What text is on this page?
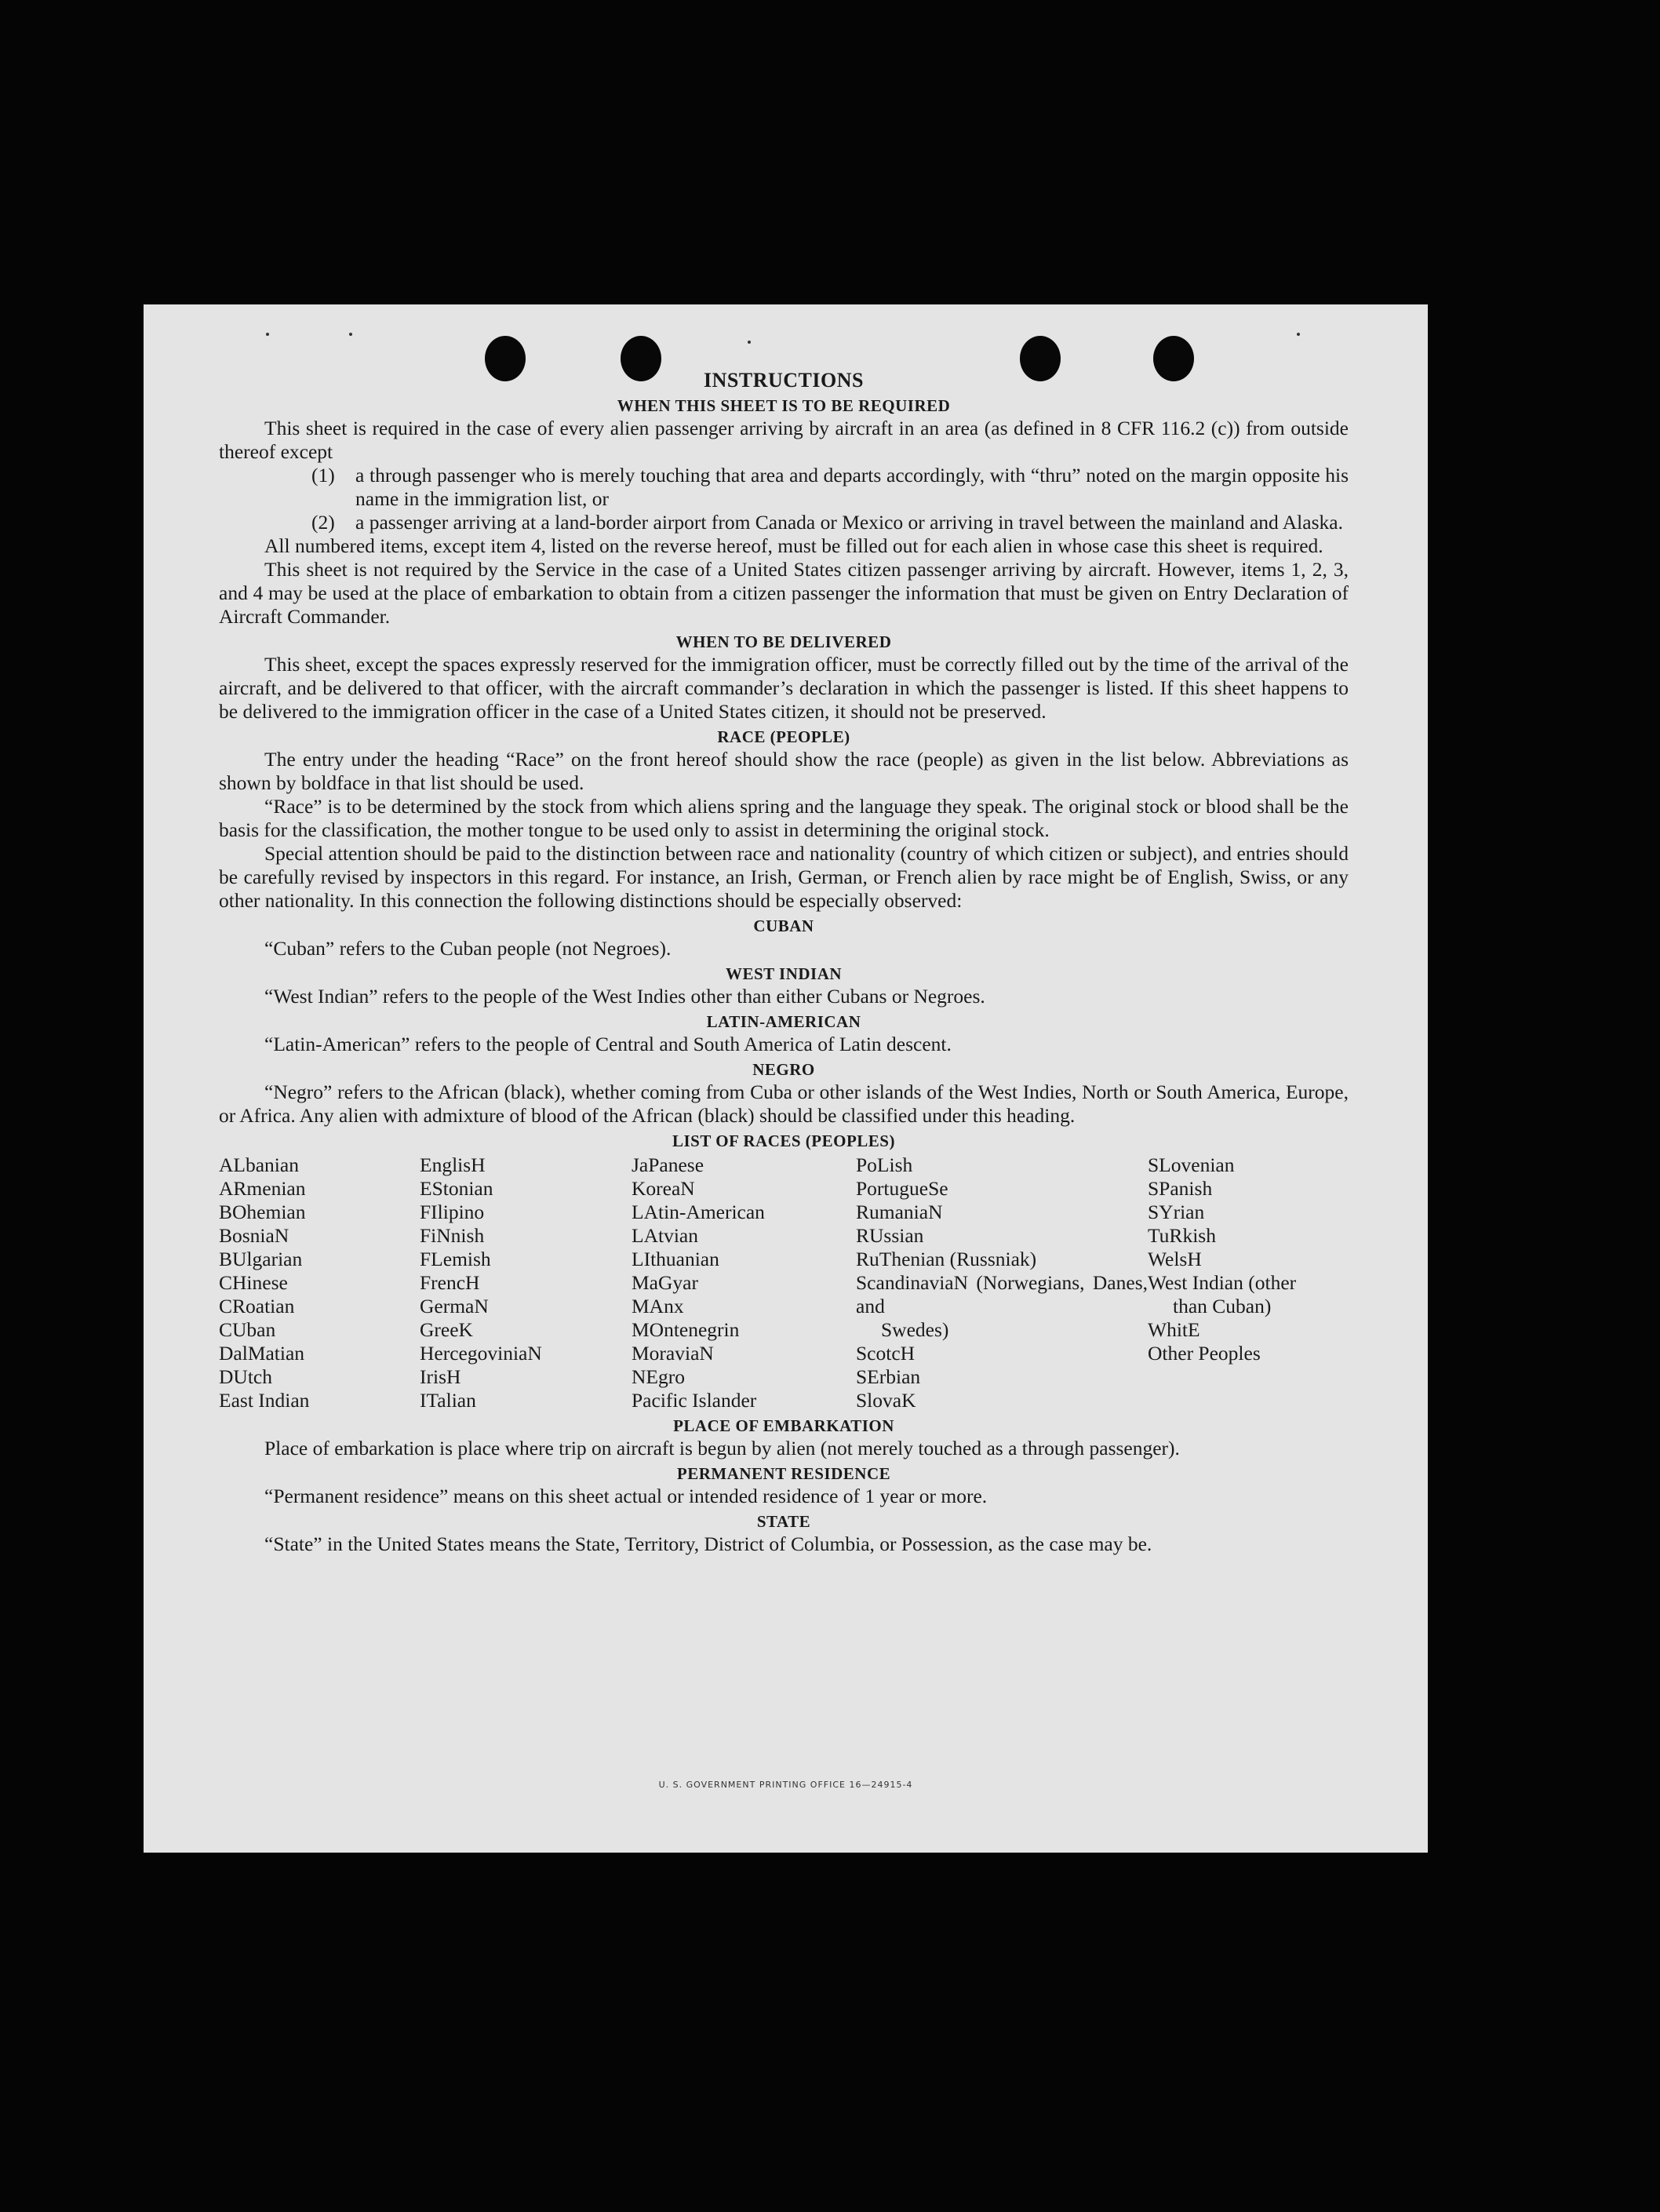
INSTRUCTIONS
WHEN THIS SHEET IS TO BE REQUIRED

This sheet is required in the case of every alien passenger arriving by aircraft in an area (as defined in 8 CFR 116.2 (c)) from outside thereof except

(1)	a through passenger who is merely touching that area and departs accordingly, with “thru” noted on the margin opposite his name in the immigration list, or
(2)	a passenger arriving at a land-border airport from Canada or Mexico or arriving in travel between the mainland and Alaska.

All numbered items, except item 4, listed on the reverse hereof, must be filled out for each alien in whose case this sheet is required.

This sheet is not required by the Service in the case of a United States citizen passenger arriving by aircraft. However, items 1, 2, 3, and 4 may be used at the place of embarkation to obtain from a citizen passenger the information that must be given on Entry Declaration of Aircraft Commander.

WHEN TO BE DELIVERED

This sheet, except the spaces expressly reserved for the immigration officer, must be correctly filled out by the time of the arrival of the aircraft, and be delivered to that officer, with the aircraft commander’s declaration in which the passenger is listed. If this sheet happens to be delivered to the immigration officer in the case of a United States citizen, it should not be preserved.

RACE (PEOPLE)

The entry under the heading “Race” on the front hereof should show the race (people) as given in the list below. Abbreviations as shown by boldface in that list should be used.

“Race” is to be determined by the stock from which aliens spring and the language they speak. The original stock or blood shall be the basis for the classification, the mother tongue to be used only to assist in determining the original stock.

Special attention should be paid to the distinction between race and nationality (country of which citizen or subject), and entries should be carefully revised by inspectors in this regard. For instance, an Irish, German, or French alien by race might be of English, Swiss, or any other nationality. In this connection the following distinctions should be especially observed:

CUBAN

“Cuban” refers to the Cuban people (not Negroes).

WEST INDIAN

“West Indian” refers to the people of the West Indies other than either Cubans or Negroes.

LATIN-AMERICAN

“Latin-American” refers to the people of Central and South America of Latin descent.

NEGRO

“Negro” refers to the African (black), whether coming from Cuba or other islands of the West Indies, North or South America, Europe, or Africa. Any alien with admixture of blood of the African (black) should be classified under this heading.

LIST OF RACES (PEOPLES)
ALbanian
ARmenian
BOhemian
BosniaN
BUlgarian
CHinese
CRoatian
CUban
DalMatian
DUtch
East Indian
EnglisH
EStonian
FIlipino
FiNnish
FLemish
FrencH
GermaN
GreeK
HercegoviniaN
IrisH
ITalian
JaPanese
KoreaN
LAtin-American
LAtvian
LIthuanian
MaGyar
MAnx
MOntenegrin
MoraviaN
NEgro
Pacific Islander
PoLish
PortugueSe
RumaniaN
RUssian
RuThenian (Russniak)
ScandinaviaN (Norwegians, Danes, and
Swedes)
ScotcH
SErbian
SlovaK
SLovenian
SPanish
SYrian
TuRkish
WelsH
West Indian (other
than Cuban)
WhitE
Other Peoples
PLACE OF EMBARKATION

Place of embarkation is place where trip on aircraft is begun by alien (not merely touched as a through passenger).

PERMANENT RESIDENCE

“Permanent residence” means on this sheet actual or intended residence of 1 year or more.

STATE

“State” in the United States means the State, Territory, District of Columbia, or Possession, as the case may be.

U. S. GOVERNMENT PRINTING OFFICE 16—24915-4
